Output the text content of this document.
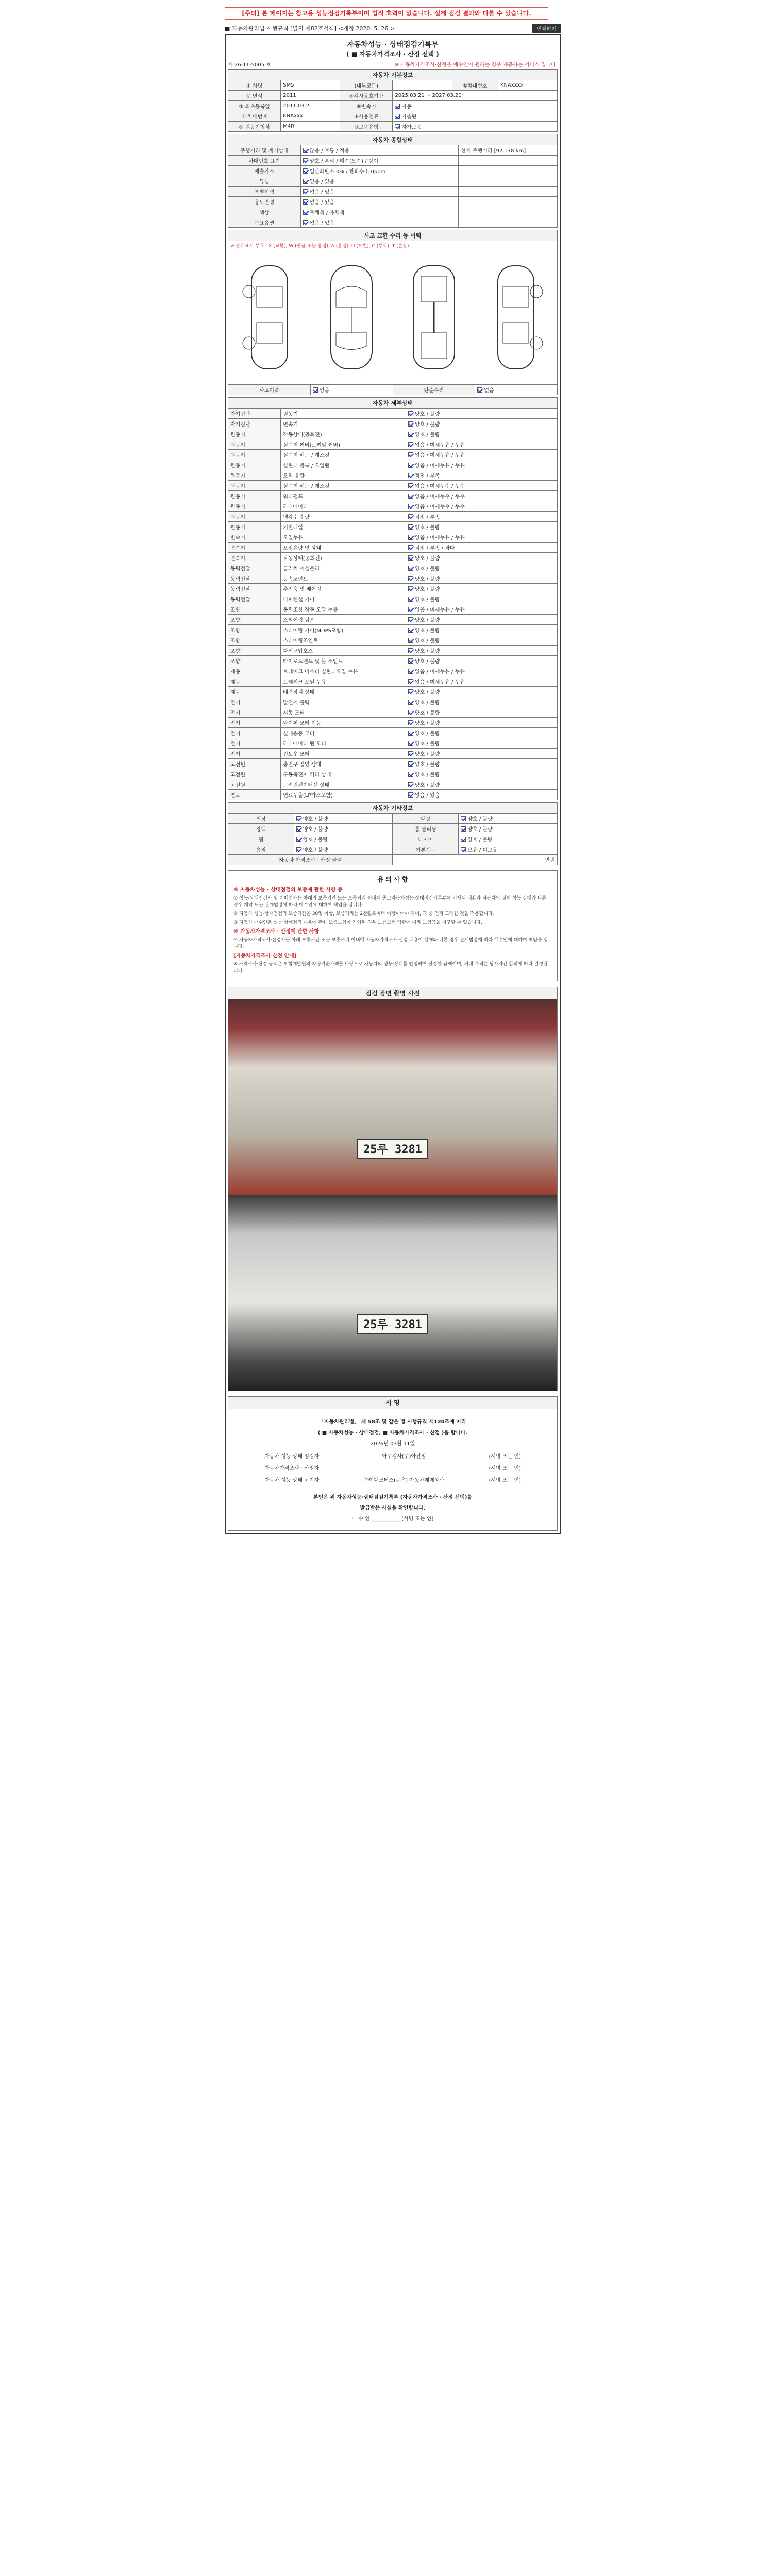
[주의] 본 페이지는 참고용 성능점검기록부이며 법적 효력이 없습니다. 실제 점검 결과와 다를 수 있습니다.
■ 자동차관리법 시행규칙 [별지 제82호서식] <개정 2020. 5. 26.>	인쇄하기
자동차성능 · 상태점검기록부
( ■ 자동차가격조사 · 산정 선택 )
제 26-11-5005 호	※ 자동차가격조사·산정은 매수인이 원하는 경우 제공하는 서비스 입니다.
자동차 기본정보					
① 차명	SM5	(내부코드)		⑥차대번호	KNAxxxx
② 연식	2011	⑦검사유효기간	2025.03.21 ~ 2027.03.20		
③ 최초등록일	2011.03.21	⑧변속기	자동		
④ 차대번호	KNAxxx	⑨사용연료	가솔린		
⑤ 원동기형식	M4R	⑩보증유형	자가보증		
자동차 종합상태		
주행거리 및 계기상태	많음 / 보통 / 적음	현재 주행거리 [92,178 km]
차대번호 표기	양호 / 부식 / 훼손(오손) / 상이	
배출가스	일산화탄소 0% / 탄화수소 0ppm	
튜닝	없음 / 있음	
특별이력	없음 / 있음	
용도변경	없음 / 있음	
색상	무채색 / 유채색	
주요옵션	없음 / 있음	
사고 교환 수리 등 이력
※ 상태표시 부호 : X (교환), W (판금 또는 용접), A (흠집), U (요철), C (부식), T (손상)
사고이력	없음	단순수리	없음
자동차 세부상태		
자기진단	원동기	양호 / 불량
자기진단	변속기	양호 / 불량
원동기	작동상태(공회전)	양호 / 불량
원동기	실린더 커버(로커암 커버)	없음 / 미세누유 / 누유
원동기	실린더 헤드 / 개스킷	없음 / 미세누유 / 누유
원동기	실린더 블록 / 오일팬	없음 / 미세누유 / 누유
원동기	오일 유량	적정 / 부족
원동기	실린더 헤드 / 개스킷	없음 / 미세누수 / 누수
원동기	워터펌프	없음 / 미세누수 / 누수
원동기	라디에이터	없음 / 미세누수 / 누수
원동기	냉각수 수량	적정 / 부족
원동기	커먼레일	양호 / 불량
변속기	오일누유	없음 / 미세누유 / 누유
변속기	오일유량 및 상태	적정 / 부족 / 과다
변속기	작동상태(공회전)	양호 / 불량
동력전달	클러치 어셈블리	양호 / 불량
동력전달	등속조인트	양호 / 불량
동력전달	추진축 및 베어링	양호 / 불량
동력전달	디퍼렌셜 기어	양호 / 불량
조향	동력조향 작동 오일 누유	없음 / 미세누유 / 누유
조향	스티어링 펌프	양호 / 불량
조향	스티어링 기어(MDPS포함)	양호 / 불량
조향	스티어링조인트	양호 / 불량
조향	파워고압호스	양호 / 불량
조향	타이로드엔드 및 볼 조인트	양호 / 불량
제동	브레이크 마스터 실린더오일 누유	없음 / 미세누유 / 누유
제동	브레이크 오일 누유	없음 / 미세누유 / 누유
제동	배력장치 상태	양호 / 불량
전기	발전기 출력	양호 / 불량
전기	시동 모터	양호 / 불량
전기	와이퍼 모터 기능	양호 / 불량
전기	실내송풍 모터	양호 / 불량
전기	라디에이터 팬 모터	양호 / 불량
전기	윈도우 모터	양호 / 불량
고전원	충전구 절연 상태	양호 / 불량
고전원	구동축전지 격리 상태	양호 / 불량
고전원	고전원전기배선 상태	양호 / 불량
연료	연료누출(LP가스포함)	없음 / 있음
자동차 기타정보			
외장	양호 / 불량	내장	양호 / 불량
광택	양호 / 불량	룸 클리닝	양호 / 불량
휠	양호 / 불량	타이어	양호 / 불량
유리	양호 / 불량	기본품목	보유 / 미보유
자동차 가격조사 · 산정 금액		만원	
유 의 사 항

※ 자동차성능 · 상태점검의 보증에 관한 사항 등

① 성능·상태점검자 및 매매업자는 아래의 보증기간 또는 보증거리 이내에 중고자동차성능·상태점검기록부에 기재된 내용과 자동차의 실제 성능·상태가 다른 경우 계약 또는 관계법령에 따라 매수인에 대하여 책임을 집니다.

② 자동차 성능·상태점검의 보증기간은 30일 이상, 보증거리는 2천킬로미터 이상이어야 하며, 그 중 먼저 도래한 것을 적용합니다.

③ 자동차 매수인은 성능·상태점검 내용에 관한 보증보험에 가입된 경우 보증보험 약관에 따라 보험금을 청구할 수 있습니다.

※ 자동차가격조사 · 산정에 관한 사항

④ 자동차가격조사·산정자는 아래 보증기간 또는 보증거리 이내에 자동차가격조사·산정 내용이 실제와 다른 경우 관계법령에 따라 매수인에 대하여 책임을 집니다.

[자동차가격조사 산정 안내]

※ 가격조사·산정 금액은 보험개발원의 차량기준가액을 바탕으로 자동차의 성능·상태를 반영하여 산정한 금액이며, 거래 가격은 당사자간 합의에 따라 결정됩니다.

점검 장면 촬영 사진
25루 3281
25루 3281
서 명
「자동차관리법」 제 58조 및 같은 법 시행규칙 제120조에 따라
( ■ 자동차성능 · 상태점검, ■ 자동차가격조사 · 산정 )을 합니다.
2026년 03월 11일
자동차 성능·상태 점검자	아주검사(주)아진점	(서명 또는 인)
자동차가격조사 · 산정자	(서명 또는 인)
자동차 성능·상태 고지자	㈜현대모터스(동은) 자동차매매상사	(서명 또는 인)
본인은 위 자동차성능·상태점검기록부 (자동차가격조사 · 산정 선택)를
발급받은 사실을 확인합니다.
매 수 인 ___________ (서명 또는 인)
